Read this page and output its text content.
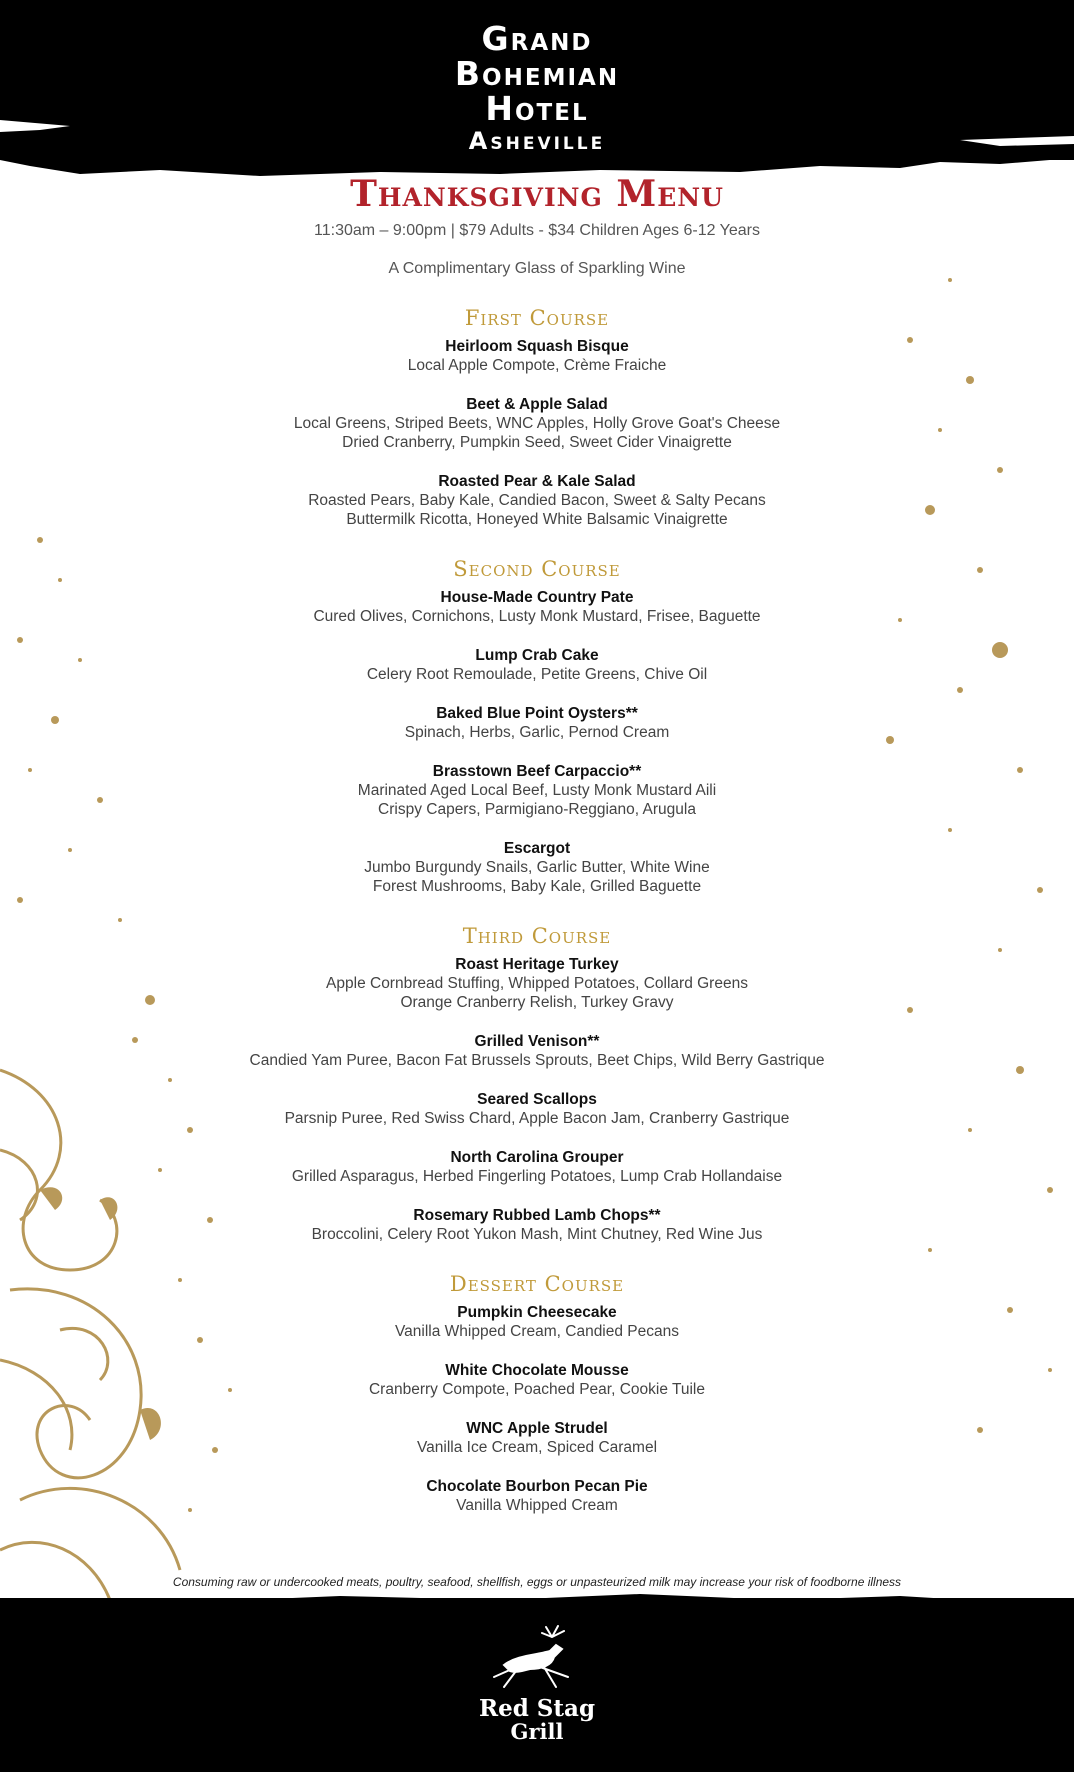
Grand
Bohemian
Hotel
Asheville
Thanksgiving Menu
11:30am – 9:00pm | $79 Adults - $34 Children Ages 6-12 Years
A Complimentary Glass of Sparkling Wine
First Course
Heirloom Squash Bisque
Local Apple Compote, Crème Fraiche
Beet & Apple Salad
Local Greens, Striped Beets, WNC Apples, Holly Grove Goat's Cheese
Dried Cranberry, Pumpkin Seed, Sweet Cider Vinaigrette
Roasted Pear & Kale Salad
Roasted Pears, Baby Kale, Candied Bacon, Sweet & Salty Pecans
Buttermilk Ricotta, Honeyed White Balsamic Vinaigrette
Second Course
House-Made Country Pate
Cured Olives, Cornichons, Lusty Monk Mustard, Frisee, Baguette
Lump Crab Cake
Celery Root Remoulade, Petite Greens, Chive Oil
Baked Blue Point Oysters**
Spinach, Herbs, Garlic, Pernod Cream
Brasstown Beef Carpaccio**
Marinated Aged Local Beef, Lusty Monk Mustard Aili
Crispy Capers, Parmigiano-Reggiano, Arugula
Escargot
Jumbo Burgundy Snails, Garlic Butter, White Wine
Forest Mushrooms, Baby Kale, Grilled Baguette
Third Course
Roast Heritage Turkey
Apple Cornbread Stuffing, Whipped Potatoes, Collard Greens
Orange Cranberry Relish, Turkey Gravy
Grilled Venison**
Candied Yam Puree, Bacon Fat Brussels Sprouts, Beet Chips, Wild Berry Gastrique
Seared Scallops
Parsnip Puree, Red Swiss Chard, Apple Bacon Jam, Cranberry Gastrique
North Carolina Grouper
Grilled Asparagus, Herbed Fingerling Potatoes, Lump Crab Hollandaise
Rosemary Rubbed Lamb Chops**
Broccolini, Celery Root Yukon Mash, Mint Chutney, Red Wine Jus
Dessert Course
Pumpkin Cheesecake
Vanilla Whipped Cream, Candied Pecans
White Chocolate Mousse
Cranberry Compote, Poached Pear, Cookie Tuile
WNC Apple Strudel
Vanilla Ice Cream, Spiced Caramel
Chocolate Bourbon Pecan Pie
Vanilla Whipped Cream
Consuming raw or undercooked meats, poultry, seafood, shellfish, eggs or unpasteurized milk may increase your risk of foodborne illness
Red Stag
Grill
